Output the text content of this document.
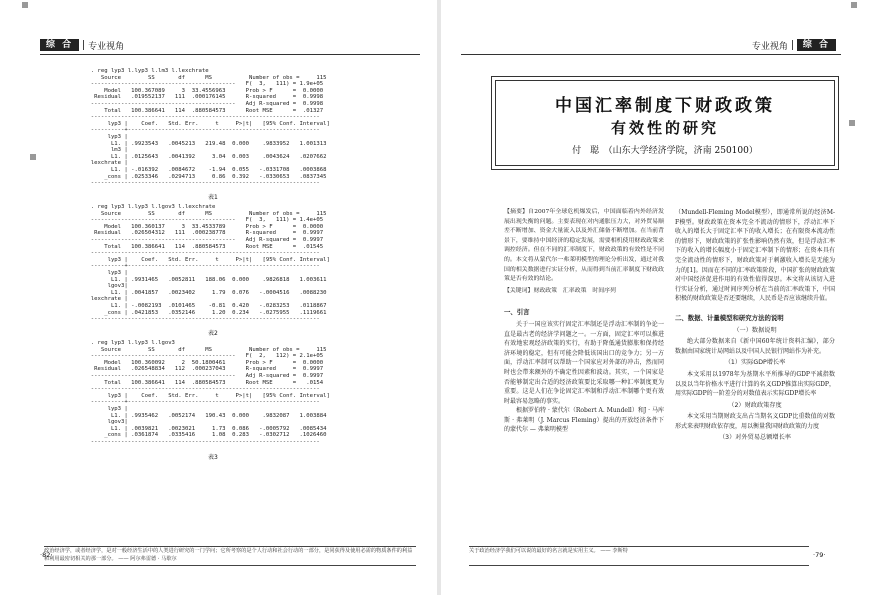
综 合	专业视角
. reg lyp3 l.lyp3 l.lm3 l.lexchrate
Source        SS       df      MS           Number of obs =     115
-------------------------------------------   F(  3,   111) = 1.9e+05
Model   100.367089     3  33.4556963      Prob > F      =  0.0000
Residual   .019552137   111  .000176145      R-squared     =  0.9998
-------------------------------------------   Adj R-squared =  0.9998
Total   100.386641   114  .880584573      Root MSE      =  .01327
--------------------------------------------------------------------
lyp3 |    Coef.   Std. Err.     t     P>|t|   [95% Conf. Interval]
----------+---------------------------------------------------------
lyp3 |
L1. | .9923543   .0045213   219.48  0.000    .9833952   1.001313
lm3 |
L1. | .0125643   .0041392     3.04  0.003    .0043624   .0207662
lexchrate |
L1. | -.016392   .0084672    -1.94  0.055   -.0331708   .0003868
_cons | .0253346   .0294713     0.86  0.392   -.0330653   .0837345
--------------------------------------------------------------------
表1
. reg lyp3 l.lyp3 l.lgov3 l.lexchrate
Source        SS       df      MS           Number of obs =     115
-------------------------------------------   F(  3,   111) = 1.4e+05
Model   100.360137     3  33.4533789      Prob > F      =  0.0000
Residual   .026504312   111  .000238778      R-squared     =  0.9997
-------------------------------------------   Adj R-squared =  0.9997
Total   100.386641   114  .880584573      Root MSE      =  .01545
--------------------------------------------------------------------
lyp3 |    Coef.   Std. Err.     t     P>|t|   [95% Conf. Interval]
----------+---------------------------------------------------------
lyp3 |
L1. | .9931465   .0052811   188.06  0.000    .9826818   1.003611
lgov3|
L1. | .0041857   .0023402     1.79  0.076   -.0004516   .0088230
lexchrate |
L1. | -.0082193  .0101465    -0.81  0.420   -.0283253   .0118867
_cons | .0421853   .0352146     1.20  0.234   -.0275955   .1119661
--------------------------------------------------------------------
表2
. reg lyp3 l.lyp3 l.lgov3
Source        SS       df      MS           Number of obs =     115
-------------------------------------------   F(  2,   112) = 2.1e+05
Model   100.360092     2  50.1800461      Prob > F      =  0.0000
Residual   .026548834   112  .000237043      R-squared     =  0.9997
-------------------------------------------   Adj R-squared =  0.9997
Total   100.386641   114  .880584573      Root MSE      =   .0154
--------------------------------------------------------------------
lyp3 |    Coef.   Std. Err.     t     P>|t|   [95% Conf. Interval]
----------+---------------------------------------------------------
lyp3 |
L1. | .9935462   .0052174   190.43  0.000    .9832087   1.003884
lgov3|
L1. | .0039821   .0023021     1.73  0.086   -.0005792   .0085434
_cons | .0361874   .0335416     1.08  0.283   -.0302712   .1026460
--------------------------------------------------------------------
表3
政治经济学，或者经济学，是对一般经济生活中的人类进行研究的一门学问；它所考察的是个人行动和社会行动的一部分，是同获得及使用必需的物质条件的利益和利用最密切相关的那一部分。 —— 阿尔弗雷德 · 马歇尔
·82·
专业视角	综 合
中国汇率制度下财政政策
有效性的研究
付　聪　（山东大学经济学院，济南 250100）
【摘要】自2007年全球危机爆发后，中国面临着内外经济发展出现失衡的问题。主要表现在对内通胀压力大，对外贸易顺差不断增加、资金大量流入以及外汇储备不断增加。在当前背景下，要维持中国经济的稳定发展，需要相机使用财政政策来调控经济。但在不同的汇率制度下，财政政策的有效性是不同的。本文将从蒙代尔一弗莱明模型的理论分析出发，通过对我国的相关数据进行实证分析，从而得到当前汇率制度下财政政策是否有效的结论。
【关键词】财政政策　汇率政策　时间序列
一、引言

关于一国应该实行固定汇率制还是浮动汇率制的争论一直是最古老的经济学问题之一。一方面，固定汇率可以推进有效地宏观经济政策的实行，有助于降低通货膨胀和保持经济环境的稳定，但有可能会降低该国出口的竞争力；另一方面，浮动汇率制可以帮助一个国家应对外部的冲击，然而同时也会带来额外的不确定性因素和波动。其实，一个国家是否能够制定出合适的经济政策要比采取哪一种汇率制度更为重要。这是人们在争论固定汇率制和浮动汇率制哪个更有效时最容易忽略的事实。

根据罗伯特 · 蒙代尔（Robert A. Mundell）和J · 马库斯 · 弗莱明（J. Marcus Fleming）提出的开放经济条件下的蒙代尔 — 弗莱明模型

（Mundell-Fleming Model模型），即通常所说的经济M-F模型。财政政策在资本完全不流动的情形下，浮动汇率下收入的增长大于固定汇率下的收入增长；在有限资本流动性的情形下，财政政策的扩张性影响仍然有效，但是浮动汇率下的收入的增长幅度小于固定汇率制下的情形；在资本具有完全流动性的情形下，财政政策对于刺激收入增长是无能为力的[1]。因而在不同的汇率政策阶段，中国扩张的财政政策对中国经济促进作用的有效性值得深思。本文将从该切入进行实证分析，通过时间序列分析在当前的汇率政策下，中国积极的财政政策是否还要继续，人民币是否应该继续升值。

二、数据、计量模型和研究方法的说明
（一）数据说明

绝大部分数据来自《新中国60年统计资料汇编》，部分数据由国家统计局网站以及中国人民银行网站作为补充。

（1）实际GDP增长率

本文采用以1978年为基期水平所推导的GDP平减指数以及以当年价格水平进行计算的名义GDP推算出实际GDP，用实际GDP的一阶差分的对数值表示实际GDP增长率

（2）财政政策存度

本文采用当期财政支出占当期名义GDP比重数值的对数形式来表明财政依存度，用以衡量我国财政政策的力度

（3）对外贸易总额增长率
关于政治经济学我们可以说的最好的名言就是实用主义。 —— 李斯特	·79·
